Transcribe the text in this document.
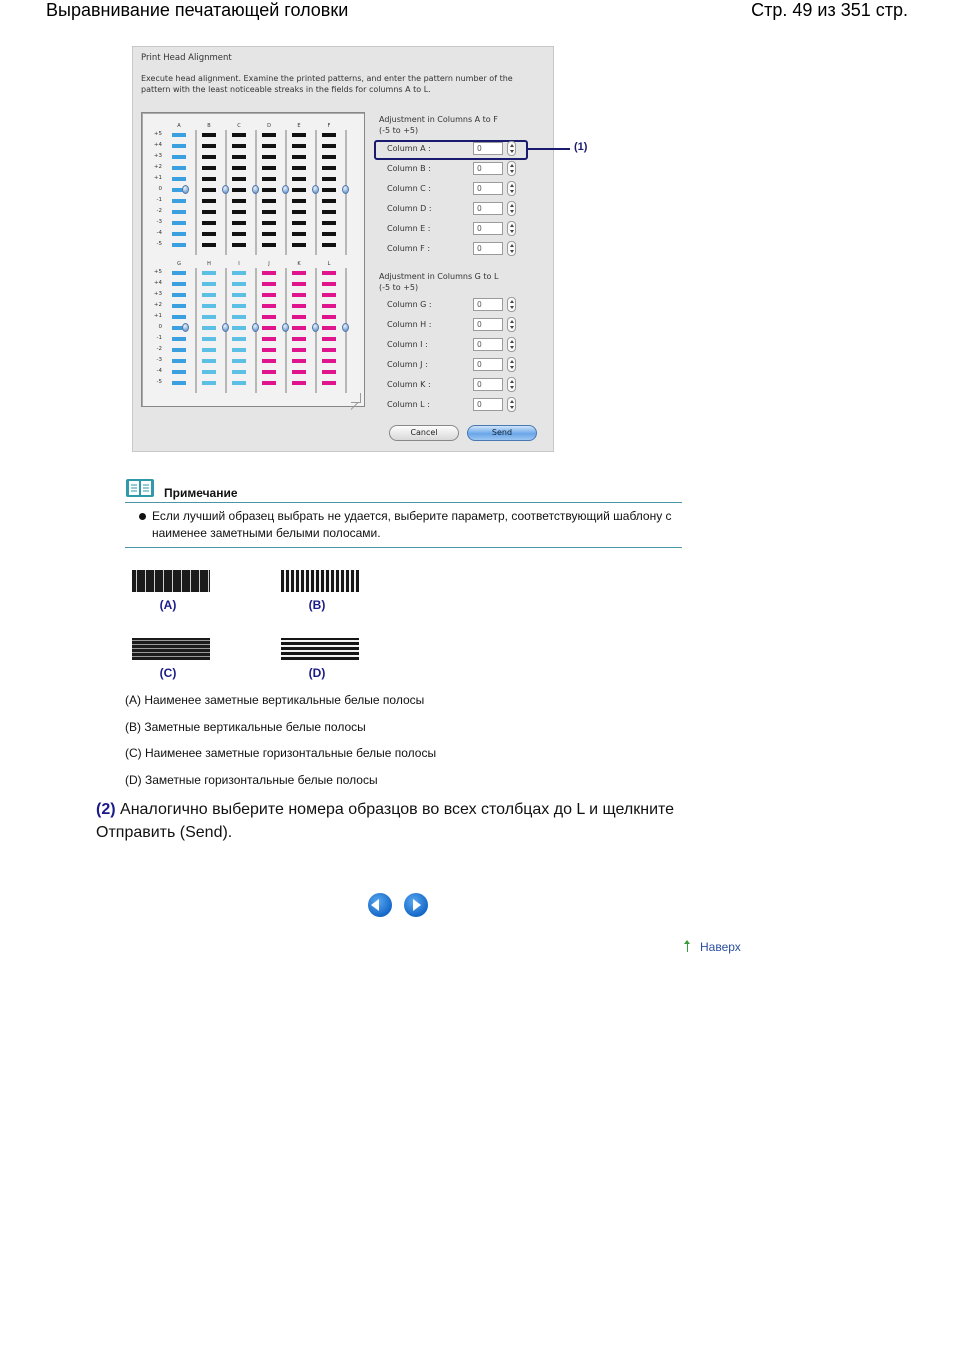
Выравнивание печатающей головки	Стр. 49 из 351 стр.
Print Head Alignment
Execute head alignment. Examine the printed patterns, and enter the pattern number of the pattern with the least noticeable streaks in the fields for columns A to L.
A	B	C	D	E	F
+5
+4
+3
+2
+1
0
-1
-2
-3
-4
-5
G	H	I	J	K	L
+5
+4
+3
+2
+1
0
-1
-2
-3
-4
-5
Adjustment in Columns A to F
(-5 to +5)
Adjustment in Columns G to L
(-5 to +5)
(1)
Cancel	Send
Column A :	0
Column B :	0
Column C :	0
Column D :	0
Column E :	0
Column F :	0
Column G :	0
Column H :	0
Column I :	0
Column J :	0
Column K :	0
Column L :	0
Примечание
Если лучший образец выбрать не удается, выберите параметр, соответствующий шаблону с наименее заметными белыми полосами.
(A)	(B)
(C)	(D)
(A) Наименее заметные вертикальные белые полосы
(B) Заметные вертикальные белые полосы
(C) Наименее заметные горизонтальные белые полосы
(D) Заметные горизонтальные белые полосы
(2) Аналогично выберите номера образцов во всех столбцах до L и щелкните Отправить (Send).
Наверх
